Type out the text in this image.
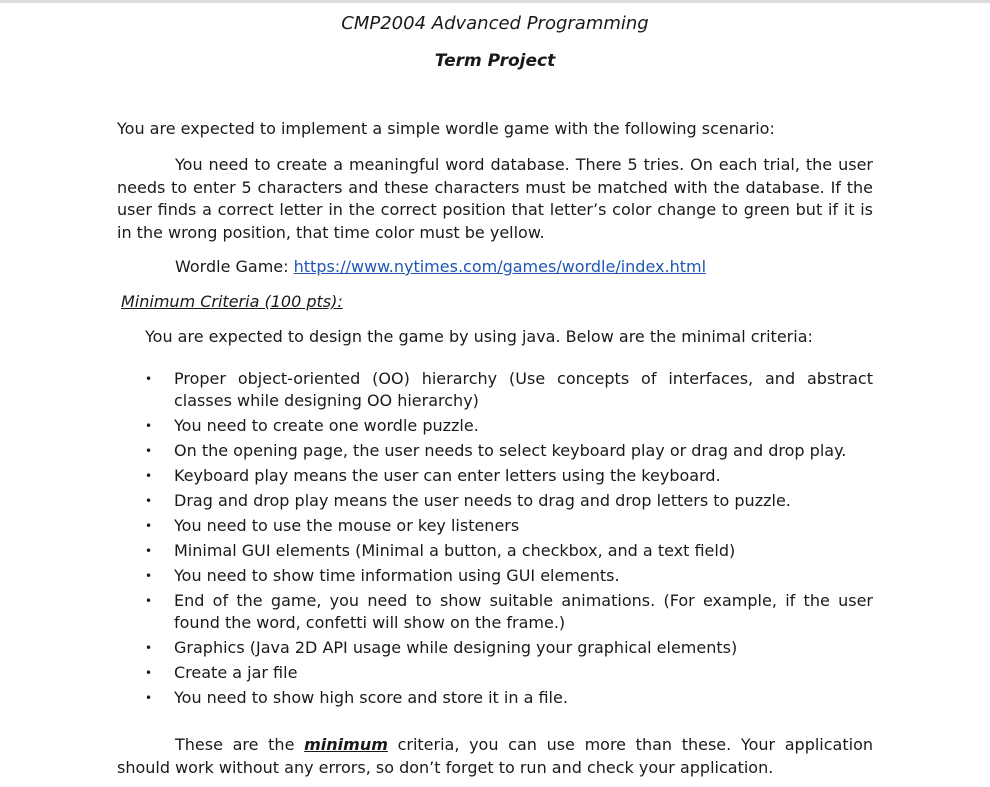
CMP2004 Advanced Programming
Term Project
You are expected to implement a simple wordle game with the following scenario:
You need to create a meaningful word database. There 5 tries. On each trial, the user needs to enter 5 characters and these characters must be matched with the database. If the user finds a correct letter in the correct position that letter’s color change to green but if it is in the wrong position, that time color must be yellow.
Wordle Game: https://www.nytimes.com/games/wordle/index.html
Minimum Criteria (100 pts):
You are expected to design the game by using java. Below are the minimal criteria:
• Proper object-oriented (OO) hierarchy (Use concepts of interfaces, and abstract classes while designing OO hierarchy)
• You need to create one wordle puzzle.
• On the opening page, the user needs to select keyboard play or drag and drop play.
• Keyboard play means the user can enter letters using the keyboard.
• Drag and drop play means the user needs to drag and drop letters to puzzle.
• You need to use the mouse or key listeners
• Minimal GUI elements (Minimal a button, a checkbox, and a text field)
• You need to show time information using GUI elements.
• End of the game, you need to show suitable animations. (For example, if the user found the word, confetti will show on the frame.)
• Graphics (Java 2D API usage while designing your graphical elements)
• Create a jar file
• You need to show high score and store it in a file.
These are the minimum criteria, you can use more than these. Your application should work without any errors, so don’t forget to run and check your application.
